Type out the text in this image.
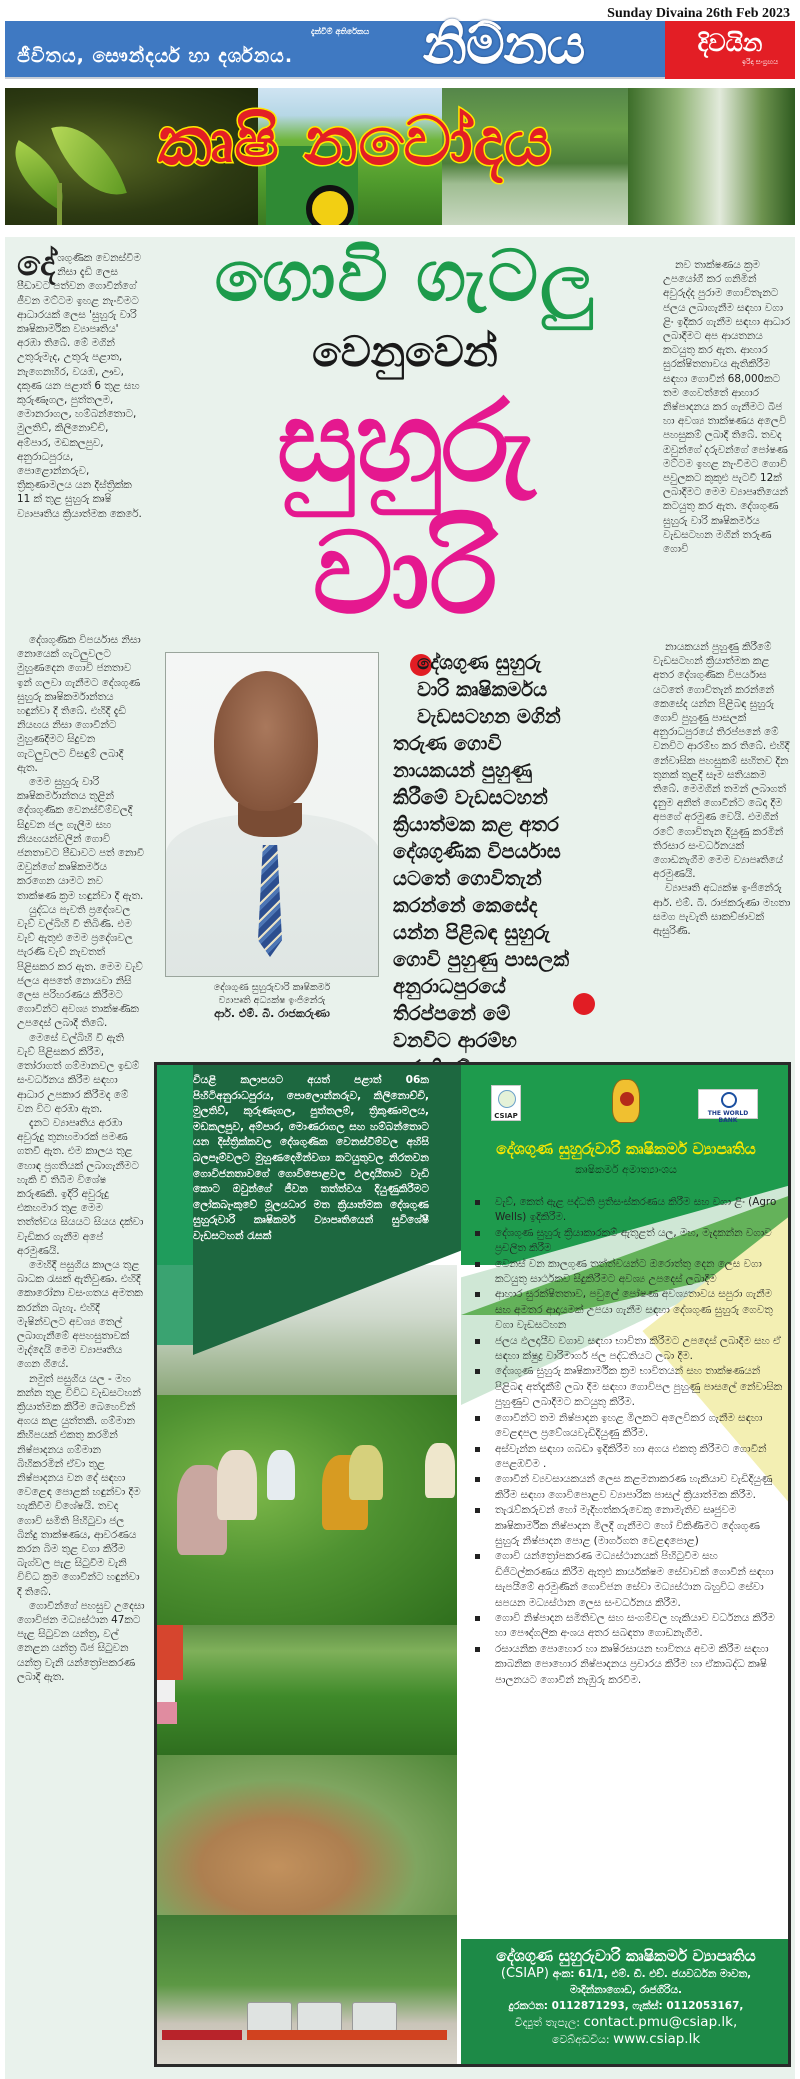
Sunday Divaina 26th Feb 2023
දැන්වීම් අතිරේකය
ජීවිතය, සෞන්දර්ය හා දර්ශනය. නිම්නය	දිවයින
ඉරිදා සංග්‍රහය
කෘෂි නවෝදය

දේශගුණික වෙනස්වීම නිසා දැඩි ලෙස පීඩාවට පත්වන ගොවීන්ගේ ජීවන මට්ටම ඉහළ නැංවීමට ආධාරයක් ලෙස 'සුහුරු වාරි කෘෂිකාර්මික ව්‍යාපෘතිය' අරඹා තිබේ. මේ මගින් උතුරුමැද, උතුරු පළාත, නැගෙනහිර, වයඹ, ඌව, දකුණ යන පළාත් 6 තුළ සහ කුරුණෑගල, පුත්තලම, මොනරාගල, හම්බන්තොට, මුලතිව්, කිලිනොච්චි, අම්පාර, මඩකලපුව, අනුරාධපුරය, පොළොන්නරුව, ත්‍රිකුණාමලය යන දිස්ත්‍රික්ක 11 ක් තුළ සුහුරු කෘෂි ව්‍යාපෘතිය ක්‍රියාත්මක කෙරේ.

ගොවි ගැටලු
වෙනුවෙන්
සුහුරු
වාරි

නව තාක්ෂණය ක්‍රම උපයෝගී කර ගනිමින් අවුරුද්ද පුරාම ගොවිතැනට ජලය ලබාගැනීම සඳහා වගා ළිං ඉදිකර ගැනීම සඳහා ආධාර ලබාදීමට අප ආයතනය කටයුතු කර ඇත. ආහාර සුරක්ෂිතතාවය ඇතිකිරීම සඳහා ගොවීන් 68,000කට තම ගෙවත්තේ ආහාර නිෂ්පාදනය කර ගැනීමට බීජ හා අවශ්‍ය තාක්ෂණය අලෙවි පහසුකම් ලබාදී තිබේ. තවද ඔවුන්ගේ දරුවන්ගේ පෝෂණ මට්ටම ඉහළ නැංවීමට ගොවි පවුලකට කුකුළු පැටවී 12ක් ලබාදීමට මෙම ව්‍යාපෘතියෙන් කටයුතු කර ඇත. දේශගුණ සුහුරු වාරි කෘෂිකර්මය වැඩසටහන මගින් තරුණ ගොවි

දේශගුණික විපර්යාස නිසා නොයෙක් ගැටලුවලට මුහුණදෙන ගොවි ජනතාව ඉන් ගලවා ගැනීමට දේශගුණ සුහුරු කෘෂිකර්මාන්තය හඳුන්වා දී තිබේ. එහිදී දැඩි නියඟය නිසා ගොවීන්ට මුහුණදීමට සිදුවන ගැටලුවලට විසඳුම් ලබාදී ඇත.

මෙම සුහුරු වාරි කෘෂිකර්මාන්තය තුළින් දේශගුණික වෙනස්වීම්වලදී සිදුවන ජල ගැලීම සහ නියඟයන්වලින් ගොවි ජනතාවට පීඩාවට පත් නොවී ඔවුන්ගේ කෘෂිකර්මය කරගෙන යාමට නව තාක්ෂණ ක්‍රම හඳුන්වා දී ඇත.

යුද්ධය පැවති ප්‍රදේශවල වැව් වල්බිහි වී තිබිණි. එම වැව් ඇතුළු මෙම ප්‍රදේශවල පැරණි වැව් නැවතත් පිළිසකර කර ඇත. මෙම වැව් ජලය අපතේ නොයවා නිසි ලෙස පරිහරණය කිරීමට ගොවීන්ට අවශ්‍ය තාක්ෂණික උපදෙස් ලබාදී තිබේ.

මෙසේ වල්බිහි වී ඇති වැව් පිළිසකර කිරීම, තෝරාගත් ගම්මානවල ඉඩම් සංවර්ධනය කිරීම සඳහා ආධාර උපකාර කිරීමද මේ වන විට අරඹා ඇත.

දැනට ව්‍යාපෘතිය අරඹා අවුරුදු තුනහමාරක් පමණ ගතවී ඇත. එම කාලය තුළ හොඳ ප්‍රගතියක් ලබාගැනීමට හැකි වී තිබීම විශේෂ කරුණකි. ඉදිරි අවුරුදු එකහමාර තුළ මෙම තත්ත්වය සියයට සියය දක්වා වැඩිකර ගැනීම අපේ අරමුණයි.

මෙහිදී පසුගිය කාලය තුළ බාධක රැසක් ඇතිවුණා. එහිදී කොරෝනා වසංගතය අමතක කරන්න බැහැ. එහිදී මැෂින්වලට අවශ්‍ය තෙල් ලබාගැනීමේ අපහසුතාවක් මැද්දෙයි මෙම ව්‍යාපෘතිය ගෙන ගියේ.

නමුත් පසුගිය යල - මහ කන්න තුළ විවිධ වැඩසටහන් ක්‍රියාත්මක කිරීම බෙහෙවින් අගය කළ යුත්තකි. ගම්මාන කිහිපයක් එකතු කරමින් නිෂ්පාදනය ගම්මාන බිහිකරමින් ඒවා තුළ නිෂ්පාදනය වන දේ සඳහා වෙළෙඳ පොළක් හඳුන්වා දීම හැකිවීම විශේෂයි. තවද ගොවි සමිති පිහිටුවා ජල බින්දු තාක්ෂණය, ආවරණය කරන බිම තුළ වගා කිරීම බැග්වල පැළ සිටුවීම වැනි විවිධ ක්‍රම ගොවීන්ට හඳුන්වා දී තිබේ.

ගොවීන්ගේ පහසුව උදෙසා ගොවිජන මධ්‍යස්ථාන 47කට පැළ සිටුවන යන්ත්‍ර, වල් නෙළන යන්ත්‍ර බීජ සිටුවන යන්ත්‍ර වැනි යන්ත්‍රෝපකරණ ලබාදී ඇත.

දේශගුණ සුහුරුවාරි කෘෂිකර්ම
ව්‍යාපෘති අධ්‍යක්ෂ ඉංජිනේරු
ආර්. එම්. බී. රාජකරුණා
දේශගුණ සුහුරු
වාරි කෘෂිකර්මය
වැඩසටහන මගින්
තරුණ ගොවි
නායකයන් පුහුණු
කිරීමේ වැඩසටහන්
ක්‍රියාත්මක කළ අතර
දේශගුණික විපර්යාස
යටතේ ගොවිතැන්
කරන්නේ කෙසේද
යන්න පිළිබඳ සුහුරු
ගොවි පුහුණු පාසලක්
අනුරාධපුරයේ
තිරප්පනේ මේ
වනවිට ආරම්භ

නායකයන් පුහුණු කිරීමේ වැඩසටහන් ක්‍රියාත්මක කළ අතර දේශගුණික විපර්යාස යටතේ ගොවිතැන් කරන්නේ කෙසේද යන්න පිළිබඳ සුහුරු ගොවි පුහුණු පාසලක් අනුරාධපුරයේ තිරප්පනේ මේ වනවිට ආරම්භ කර තිබේ. එහිදී නේවාසික පහසුකම් සහිතව දින තුනක් තුළදී සෑම සතියකම තිබේ. මෙමගින් තමන් ලබාගත් දැනුම අනිත් ගොවීන්ට බෙදා දීම අපගේ අරමුණ වෙයි. එමගින් රටේ ගොවිතැන දියුණු කරමින් තිරසාර සංවර්ධනයක් ගොඩනැගීම මෙම ව්‍යාපෘතියේ අරමුණයි.

ව්‍යාපෘති අධ්‍යක්ෂ ඉංජිනේරු ආර්. එම්. බී. රාජකරුණා මහතා සමග පැවැති සාකච්ඡාවක් ඇසුරිණි.

වියළි කලාපයට අයත් පළාත් 06ක පිහිටිඅනුරාධපුරය, පොලොන්නරුව, කිලිනොච්චි, මුලතිව්, කුරුණෑගල, පුත්තලම්, ත්‍රිකුණාමලය, මඩකලපුව, අම්පාර, මොණරාගල සහ හම්බන්තොට යන දිස්ත්‍රික්කවල දේශගුණික වෙනස්වීම්වල අහිසි බලපෑම්වලට මුහුණදෙමින්වගා කටයුතුවල නිරතවන ගොවිජනතාවගේ ගොවිපොළවල ඵලදායීතාව වැඩි කොට ඔවුන්ගේ ජීවන තත්ත්වය දියුණුකිරීමට ලෝකබැංකුවේ මූලයධාර මත ක්‍රියාත්මක දේශගුණ සුහුරුවාරි කෘෂිකර්ම ව්‍යාපෘතියෙන් සුවිශේෂී වැඩසටහන් රැසක්
CSIAP	THE WORLD BANK
දේශගුණ සුහුරුවාරි කෘෂිකර්ම ව්‍යාපෘතිය
කෘෂිකර්ම අමාත්‍යාංශය
වැව්, කෙත් ඇළ පද්ධති ප්‍රතිසංස්කරණය කිරීම සහ වගා ළිං (Agro Wells) ඉදිකිරීම.
දේශගුණ සුහුරු ක්‍රියාකාරකම් ඇතුළත් යල, මහ, මැදකන්න වගාව ප්‍රචලිත කිරීම
වෙනස් වන කාලගුණ තත්ත්වයන්ට ඔරොත්තු දෙන ලෙස වගා කටයුතු සාර්ථකව සිදුකිරීමට අවශ්‍ය උපදෙස් ලබාදීම
ආහාර සුරක්ෂිතතාව, පවුලේ පෝෂණ අවශ්‍යතාවය සපුරා ගැනීම සහ අමතර ආදායමක් උපයා ගැනීම සඳහා දේශගුණ සුහුරු ගෙවතු වගා වැඩසටහන
ජලය ඵලදායීව වගාව සඳහා භාවිතා කිරීමට උපදෙස් ලබාදීම සහ ඒ සඳහා ක්ෂුද්‍ර වාරිමාර්ග ජල පද්ධතියට ලබා දීම.
දේශගුණ සුහුරු කෘෂිකාර්මික ක්‍රම භාවිතයන් සහ තාක්ෂණයන් පිළිබඳ අත්දැකීම් ලබා දීම සඳහා ගොවිපල පුහුණු පාසලේ නේවාසික පුහුණුව ලබාදීමට කටයුතු කිරීම.
ගොවීන්ට තම නිෂ්පාදන ඉහළ මිලකට අලෙවිකර ගැනීම සඳහා වෙළඳපල ප්‍රවේශයවැඩිදියුණු කිරීම.
අස්වැන්න සඳහා ගබඩා ඉදිකිරීම හා අගය එකතු කිරීමට ගොවීන් පෙළඹවීම .
ගොවීන් ව්‍යවසායකයන් ලෙස කළමනාකරණ හැකියාව වැඩිදියුණු කිරීම සඳහා ගොවිපොළව ව්‍යාපාරික පාසල් ක්‍රියාත්මක කිරීම.
තැරැව්කරුවන් හෝ මැදිහත්කරුවෙකු නොමැතිව සෘජුවම කෘෂිකාර්මික නිෂ්පාදන මිලදී ගැනීමට හෝ විකිණීමට දේශගුණ සුහුරු නිෂ්පාදන පොළ (මාර්ගගත වෙළඳපොළ)
ගොවි යන්ත්‍රෝපකරණ මධ්‍යස්ථානයක් පිහිටුවීම සහ ඩිජිටල්කරණය කිරීම ඇතුළු කාර්යක්ෂම සේවාවක් ගොවීන් සඳහා සැපයීමේ අරමුණින් ගොවිජන සේවා මධ්‍යස්ථාන බහුවිධ සේවා සපයන මධ්‍යස්ථාන ලෙස සංවර්ධනය කිරීම.
ගොවි නිෂ්පාදන සමිතිවල සහ සංගම්වල හැකියාව වර්ධනය කිරීම හා පෞද්ගලික අංශය අතර සබඳතා ගොඩනැගීම.
රසායනික පොහොර හා කෘෂිරසායන භාවිතය අවම කිරීම සඳහා කාබනික පොහොර නිෂ්පාදනය ප්‍රචාරය කිරීම හා ඒකාබද්ධ කෘෂි පාලනයට ගොවීන් නැඹුරු කරවීම.
දේශගුණ සුහුරුවාරි කෘෂිකර්ම ව්‍යාපෘතිය
(CSIAP) අංක: 61/1, එම්. ඩී. එච්. ජයවර්ධන මාවත,
මාදින්නාගොඩ, රාජගිරිය.
දුරකථන: 0112871293, ෆැක්ස්: 0112053167,
විද්‍යුත් තැපැල: contact.pmu@csiap.lk,
වෙබ්අඩවිය: www.csiap.lk
